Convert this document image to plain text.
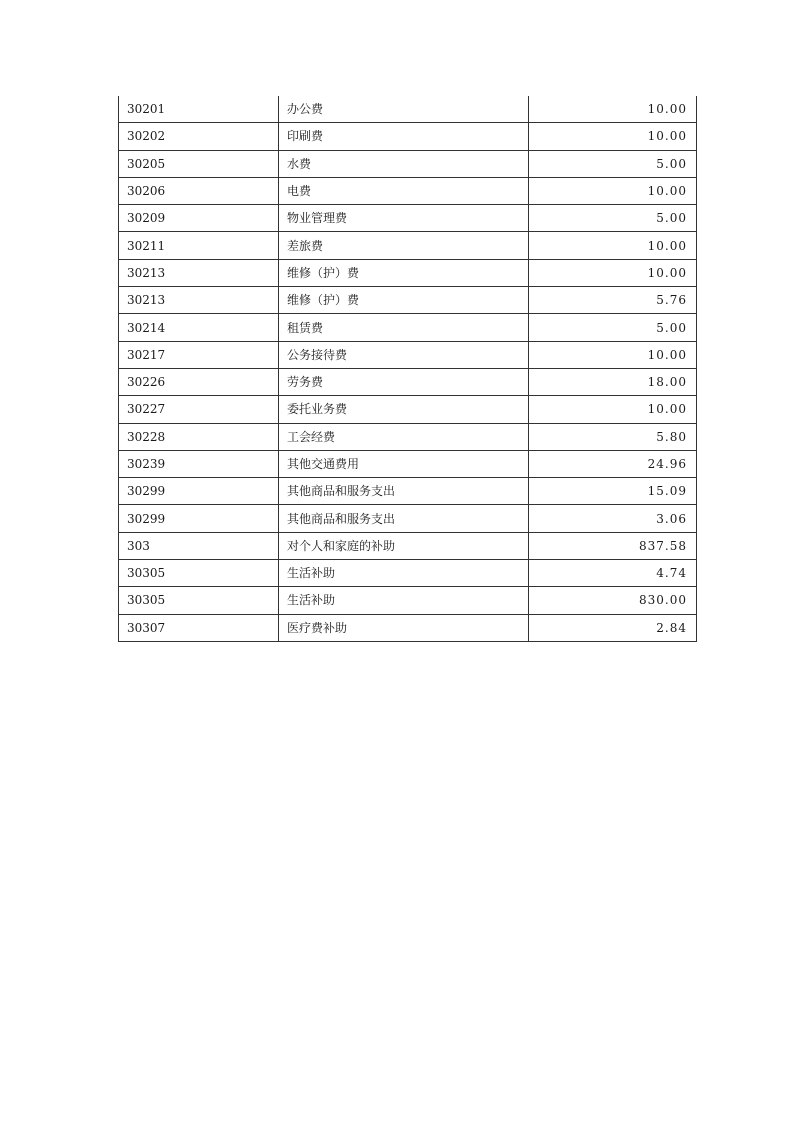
30201	办公费	10.00
30202	印刷费	10.00
30205	水费	5.00
30206	电费	10.00
30209	物业管理费	5.00
30211	差旅费	10.00
30213	维修（护）费	10.00
30213	维修（护）费	5.76
30214	租赁费	5.00
30217	公务接待费	10.00
30226	劳务费	18.00
30227	委托业务费	10.00
30228	工会经费	5.80
30239	其他交通费用	24.96
30299	其他商品和服务支出	15.09
30299	其他商品和服务支出	3.06
303	对个人和家庭的补助	837.58
30305	生活补助	4.74
30305	生活补助	830.00
30307	医疗费补助	2.84
